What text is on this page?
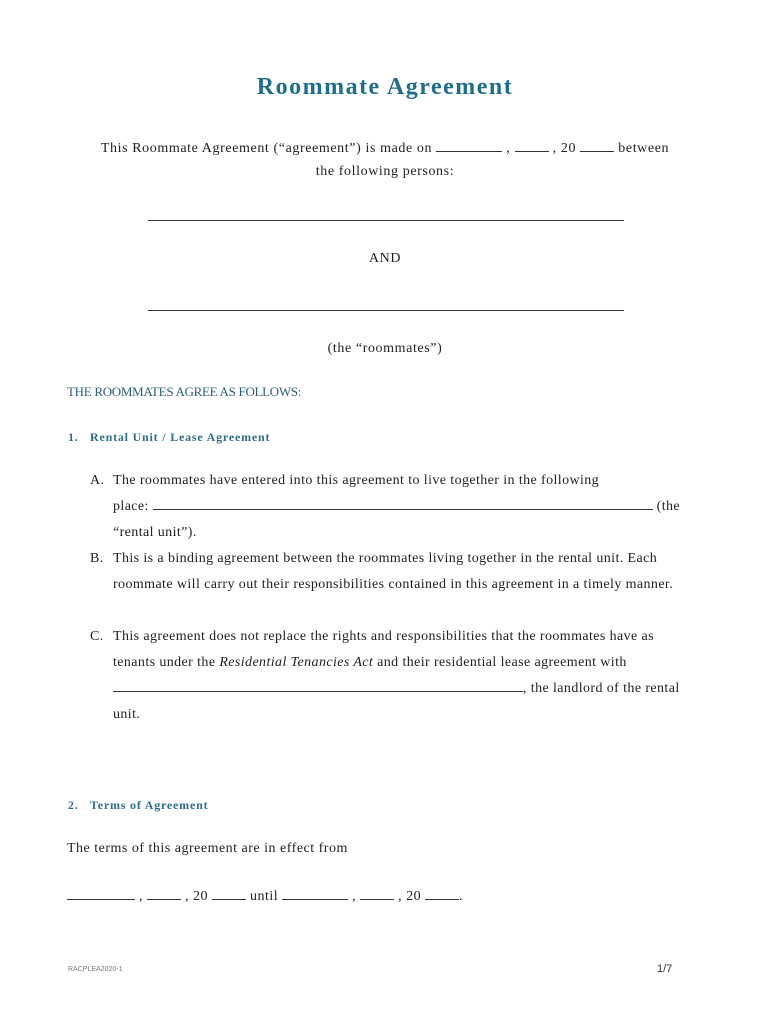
Roommate Agreement
This Roommate Agreement (“agreement”) is made on	,	, 20	between
the following persons:
AND
(the “roommates”)
THE ROOMMATES AGREE AS FOLLOWS:
1. Rental Unit / Lease Agreement
A. The roommates have entered into this agreement to live together in the following
place:	(the
“rental unit”).
B. This is a binding agreement between the roommates living together in the rental unit. Each roommate will carry out their responsibilities contained in this agreement in a timely manner.
C. This agreement does not replace the rights and responsibilities that the roommates have as tenants under the Residential Tenancies Act and their residential lease agreement with , the landlord of the rental unit.
2. Terms of Agreement
The terms of this agreement are in effect from
,	, 20	until	,	, 20	.
RACPLEA2020-1	1/7
